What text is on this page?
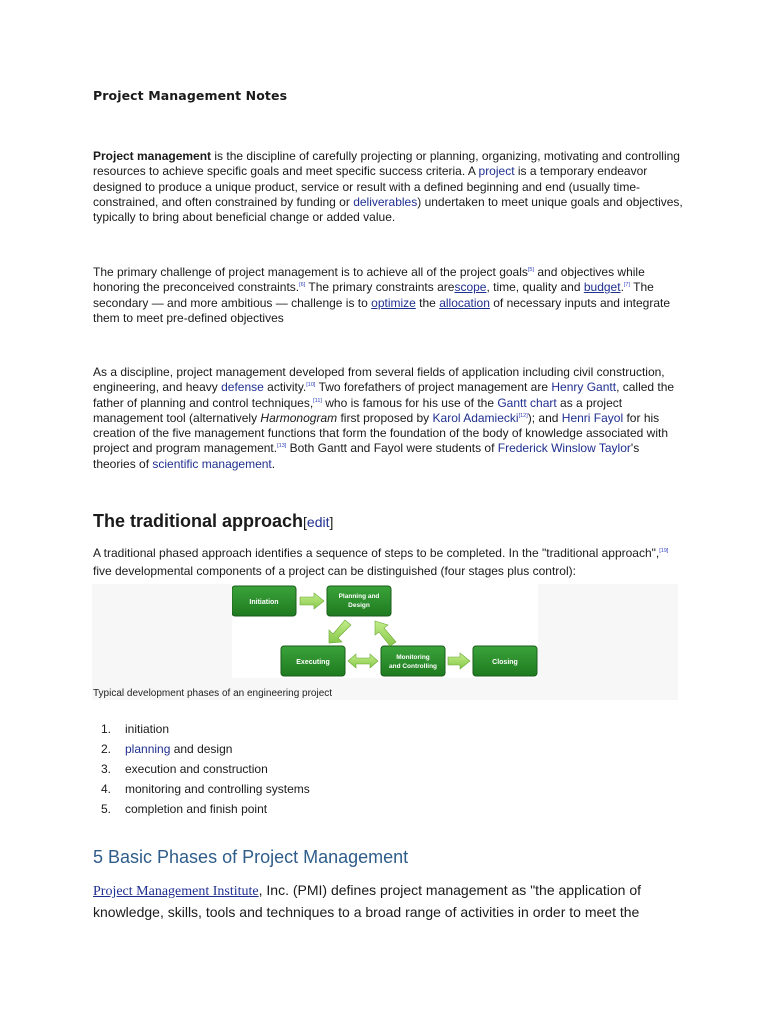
Project Management Notes
Project management is the discipline of carefully projecting or planning, organizing, motivating and controlling resources to achieve specific goals and meet specific success criteria. A project is a temporary endeavor designed to produce a unique product, service or result with a defined beginning and end (usually time-constrained, and often constrained by funding or deliverables) undertaken to meet unique goals and objectives, typically to bring about beneficial change or added value.
The primary challenge of project management is to achieve all of the project goals[5] and objectives while honoring the preconceived constraints.[6] The primary constraints arescope, time, quality and budget.[7] The secondary — and more ambitious — challenge is to optimize the allocation of necessary inputs and integrate them to meet pre-defined objectives
As a discipline, project management developed from several fields of application including civil construction, engineering, and heavy defense activity.[10] Two forefathers of project management are Henry Gantt, called the father of planning and control techniques,[11] who is famous for his use of the Gantt chart as a project management tool (alternatively Harmonogram first proposed by Karol Adamiecki[12]); and Henri Fayol for his creation of the five management functions that form the foundation of the body of knowledge associated with project and program management.[13] Both Gantt and Fayol were students of Frederick Winslow Taylor's theories of scientific management.
The traditional approach[edit]
A traditional phased approach identifies a sequence of steps to be completed. In the "traditional approach",[19] five developmental components of a project can be distinguished (four stages plus control):
Initiation
Planning and
Design
Executing
Monitoring
and Controlling
Closing
Typical development phases of an engineering project
1. initiation
2. planning and design
3. execution and construction
4. monitoring and controlling systems
5. completion and finish point
5 Basic Phases of Project Management
Project Management Institute, Inc. (PMI) defines project management as "the application of knowledge, skills, tools and techniques to a broad range of activities in order to meet the
